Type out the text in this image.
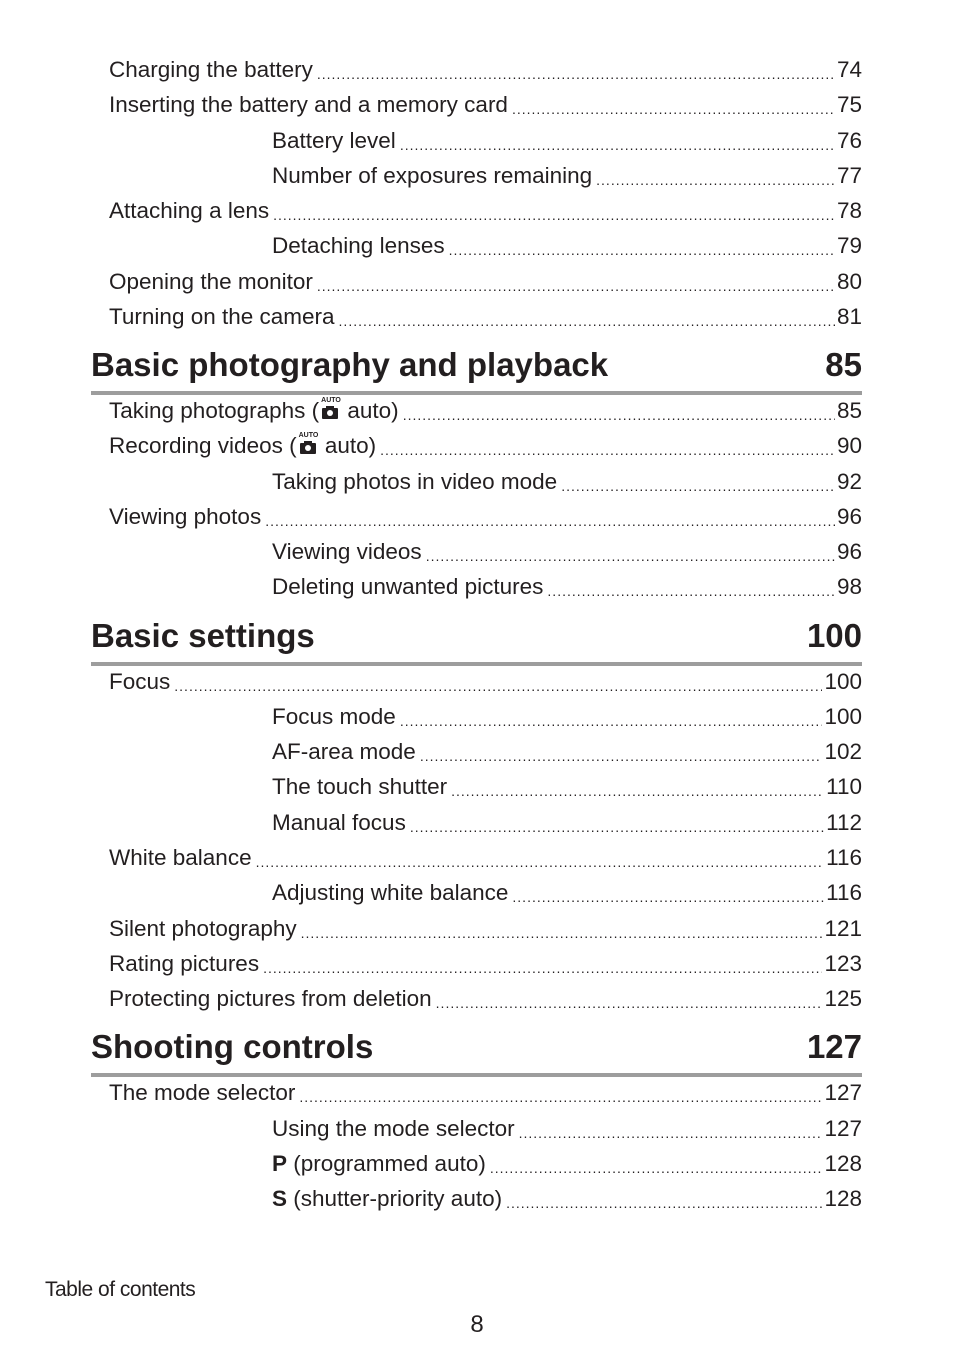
Charging the battery .....	74
Inserting the battery and a memory card .....	75
Battery level .....	76
Number of exposures remaining .....	77
Attaching a lens .....	78
Detaching lenses .....	79
Opening the monitor .....	80
Turning on the camera .....	81
Basic photography and playback	85
Taking photographs ( AUTO auto) .....	85
Recording videos ( AUTO auto) .....	90
Taking photos in video mode .....	92
Viewing photos .....	96
Viewing videos .....	96
Deleting unwanted pictures .....	98
Basic settings	100
Focus .....	100
Focus mode .....	100
AF-area mode .....	102
The touch shutter .....	110
Manual focus .....	112
White balance .....	116
Adjusting white balance .....	116
Silent photography .....	121
Rating pictures .....	123
Protecting pictures from deletion .....	125
Shooting controls	127
The mode selector .....	127
Using the mode selector .....	127
P (programmed auto) .....	128
S (shutter-priority auto) .....	128
Table of contents
8
